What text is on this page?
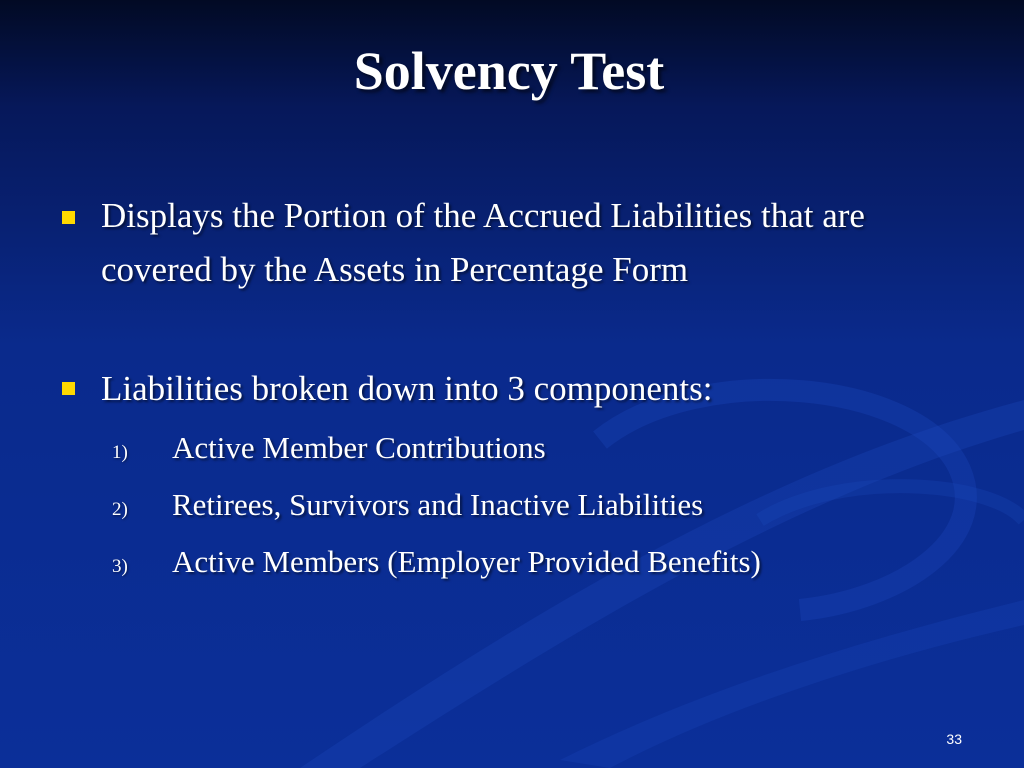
Solvency Test
Displays the Portion of the Accrued Liabilities that are covered by the Assets in Percentage Form
Liabilities broken down into 3 components:
1) Active Member Contributions
2) Retirees, Survivors and Inactive Liabilities
3) Active Members (Employer Provided Benefits)
33
